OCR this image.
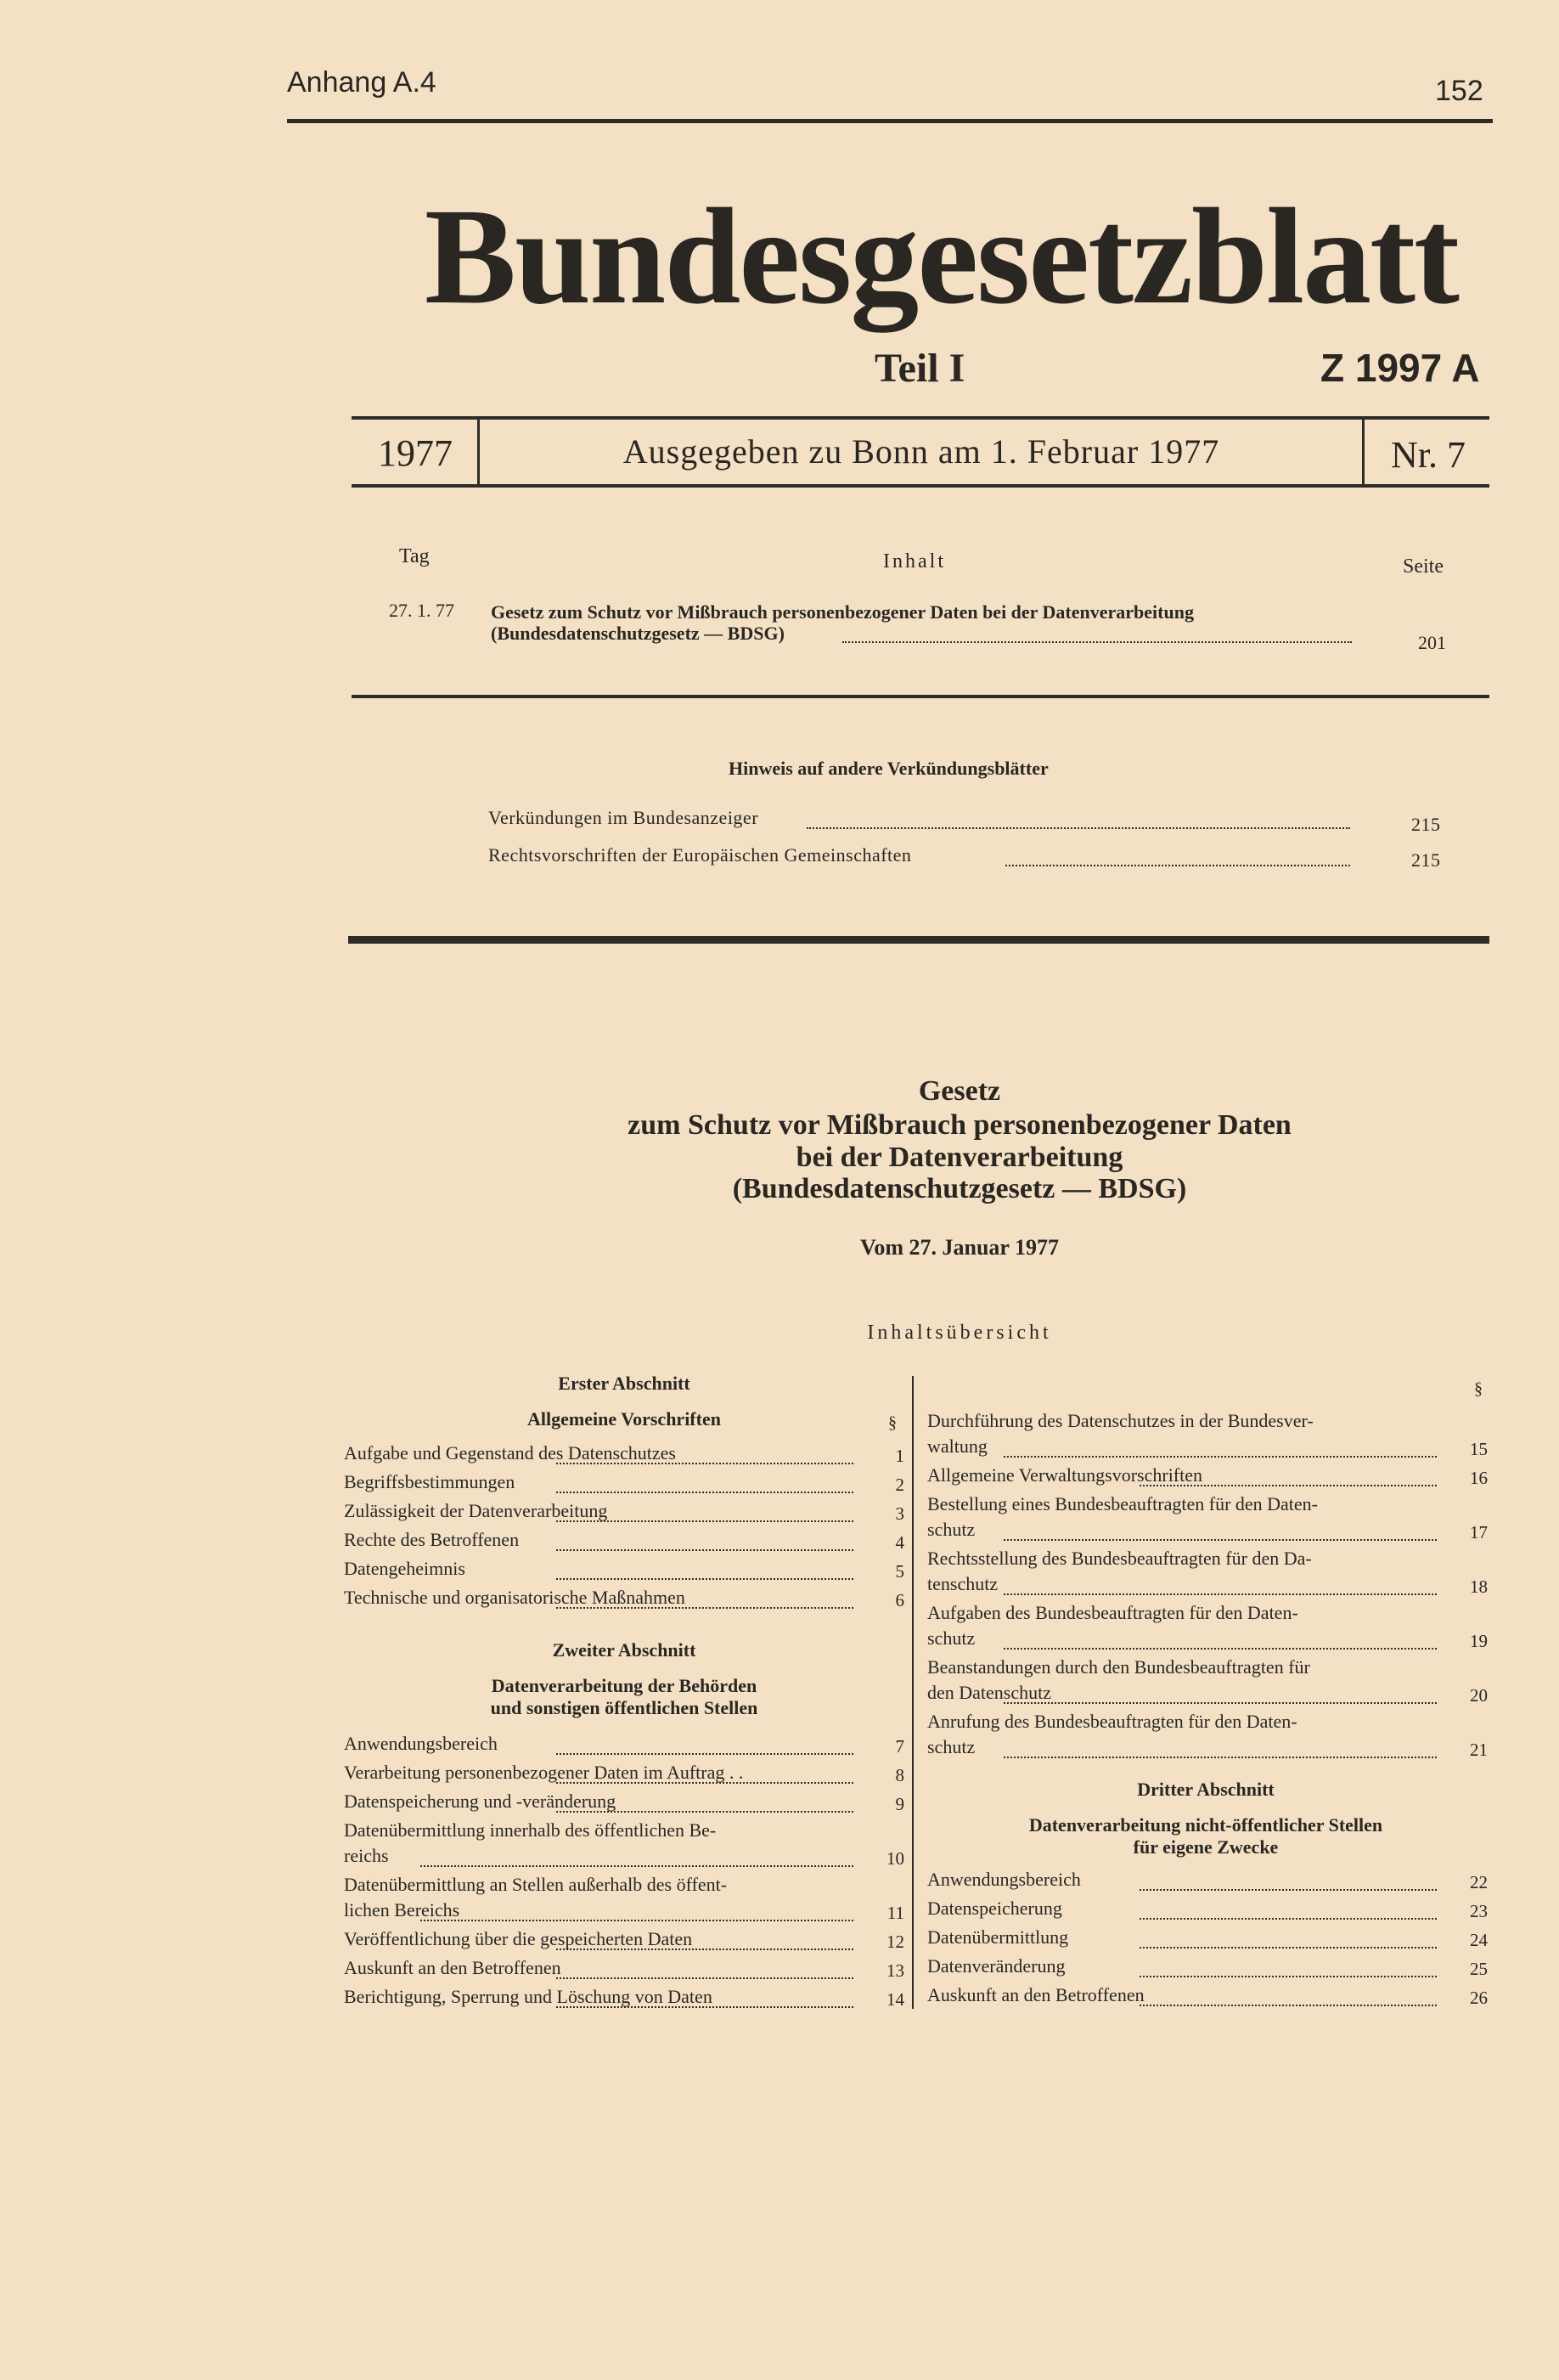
Anhang A.4	152
Bundesgesetzblatt
Teil I	Z 1997 A
1977	Ausgegeben zu Bonn am 1. Februar 1977	Nr. 7
Tag	Inhalt	Seite
27. 1. 77 Gesetz zum Schutz vor Mißbrauch personenbezogener Daten bei der Datenverarbeitung
(Bundesdatenschutzgesetz — BDSG)	201
Hinweis auf andere Verkündungsblätter
Verkündungen im Bundesanzeiger	215
Rechtsvorschriften der Europäischen Gemeinschaften	215
Gesetz
zum Schutz vor Mißbrauch personenbezogener Daten
bei der Datenverarbeitung
(Bundesdatenschutzgesetz — BDSG)
Vom 27. Januar 1977
Inhaltsübersicht
Erster Abschnitt
Allgemeine Vorschriften	§
Aufgabe und Gegenstand des Datenschutzes	1
Begriffsbestimmungen	2
Zulässigkeit der Datenverarbeitung	3
Rechte des Betroffenen	4
Datengeheimnis	5
Technische und organisatorische Maßnahmen	6
Zweiter Abschnitt
Datenverarbeitung der Behörden
und sonstigen öffentlichen Stellen
Anwendungsbereich	7
Verarbeitung personenbezogener Daten im Auftrag . .	8
Datenspeicherung und -veränderung	9
Datenübermittlung innerhalb des öffentlichen Be-
reichs	10
Datenübermittlung an Stellen außerhalb des öffent-
lichen Bereichs	11
Veröffentlichung über die gespeicherten Daten	12
Auskunft an den Betroffenen	13
Berichtigung, Sperrung und Löschung von Daten	14
§
Durchführung des Datenschutzes in der Bundesver-
waltung	15
Allgemeine Verwaltungsvorschriften	16
Bestellung eines Bundesbeauftragten für den Daten-
schutz	17
Rechtsstellung des Bundesbeauftragten für den Da-
tenschutz	18
Aufgaben des Bundesbeauftragten für den Daten-
schutz	19
Beanstandungen durch den Bundesbeauftragten für
den Datenschutz	20
Anrufung des Bundesbeauftragten für den Daten-
schutz	21
Dritter Abschnitt
Datenverarbeitung nicht-öffentlicher Stellen
für eigene Zwecke
Anwendungsbereich	22
Datenspeicherung	23
Datenübermittlung	24
Datenveränderung	25
Auskunft an den Betroffenen	26
